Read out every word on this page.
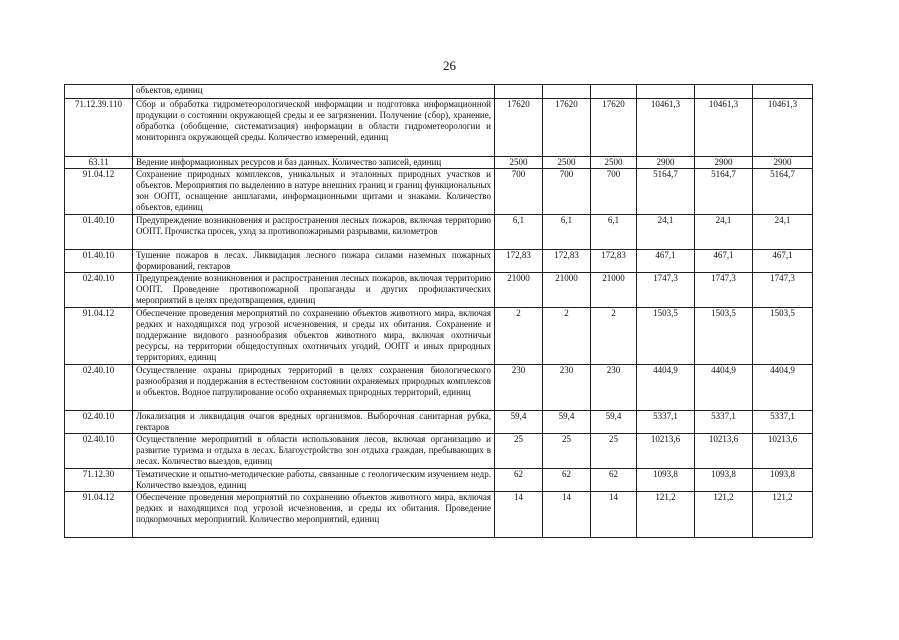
26
	объектов, единиц						
71.12.39.110	Сбор и обработка гидрометеорологической информации и подготовка информационной продукции о состоянии окружающей среды и ее загрязнении. Получение (сбор), хранение, обработка (обобщение, систематизация) информации в области гидрометеорологии и мониторинга окружающей среды. Количество измерений, единиц	17620	17620	17620	10461,3	10461,3	10461,3
63.11	Ведение информационных ресурсов и баз данных. Количество записей, единиц	2500	2500	2500	2900	2900	2900
91.04.12	Сохранение природных комплексов, уникальных и эталонных природных участков и объектов. Мероприятия по выделению в натуре внешних границ и границ функциональных зон ООПТ, оснащение аншлагами, информационными щитами и знаками. Количество объектов, единиц	700	700	700	5164,7	5164,7	5164,7
01.40.10	Предупреждение возникновения и распространения лесных пожаров, включая территорию ООПТ. Прочистка просек, уход за противопожарными разрывами, километров	6,1	6,1	6,1	24,1	24,1	24,1
01.40.10	Тушение пожаров в лесах. Ликвидация лесного пожара силами наземных пожарных формирований, гектаров	172,83	172,83	172,83	467,1	467,1	467,1
02.40.10	Предупреждение возникновения и распространения лесных пожаров, включая территорию ООПТ. Проведение противопожарной пропаганды и других профилактических мероприятий в целях предотвращения, единиц	21000	21000	21000	1747,3	1747,3	1747,3
91.04.12	Обеспечение проведения мероприятий по сохранению объектов животного мира, включая редких и находящихся под угрозой исчезновения, и среды их обитания. Сохранение и поддержание видового разнообразия объектов животного мира, включая охотничьи ресурсы, на территории общедоступных охотничьих угодий, ООПТ и иных природных территориях, единиц	2	2	2	1503,5	1503,5	1503,5
02.40.10	Осуществление охраны природных территорий в целях сохранения биологического разнообразия и поддержания в естественном состоянии охраняемых природных комплексов и объектов. Водное патрулирование особо охраняемых природных территорий, единиц	230	230	230	4404,9	4404,9	4404,9
02.40.10	Локализация и ликвидация очагов вредных организмов. Выборочная санитарная рубка, гектаров	59,4	59,4	59,4	5337,1	5337,1	5337,1
02.40.10	Осуществление мероприятий в области использования лесов, включая организацию и развитие туризма и отдыха в лесах. Благоустройство зон отдыха граждан, пребывающих в лесах. Количество выездов, единиц	25	25	25	10213,6	10213,6	10213,6
71.12.30	Тематические и опытно-методические работы, связанные с геологическим изучением недр. Количество выездов, единиц	62	62	62	1093,8	1093,8	1093,8
91.04.12	Обеспечение проведения мероприятий по сохранению объектов животного мира, включая редких и находящихся под угрозой исчезновения, и среды их обитания. Проведение подкормочных мероприятий. Количество мероприятий, единиц	14	14	14	121,2	121,2	121,2
